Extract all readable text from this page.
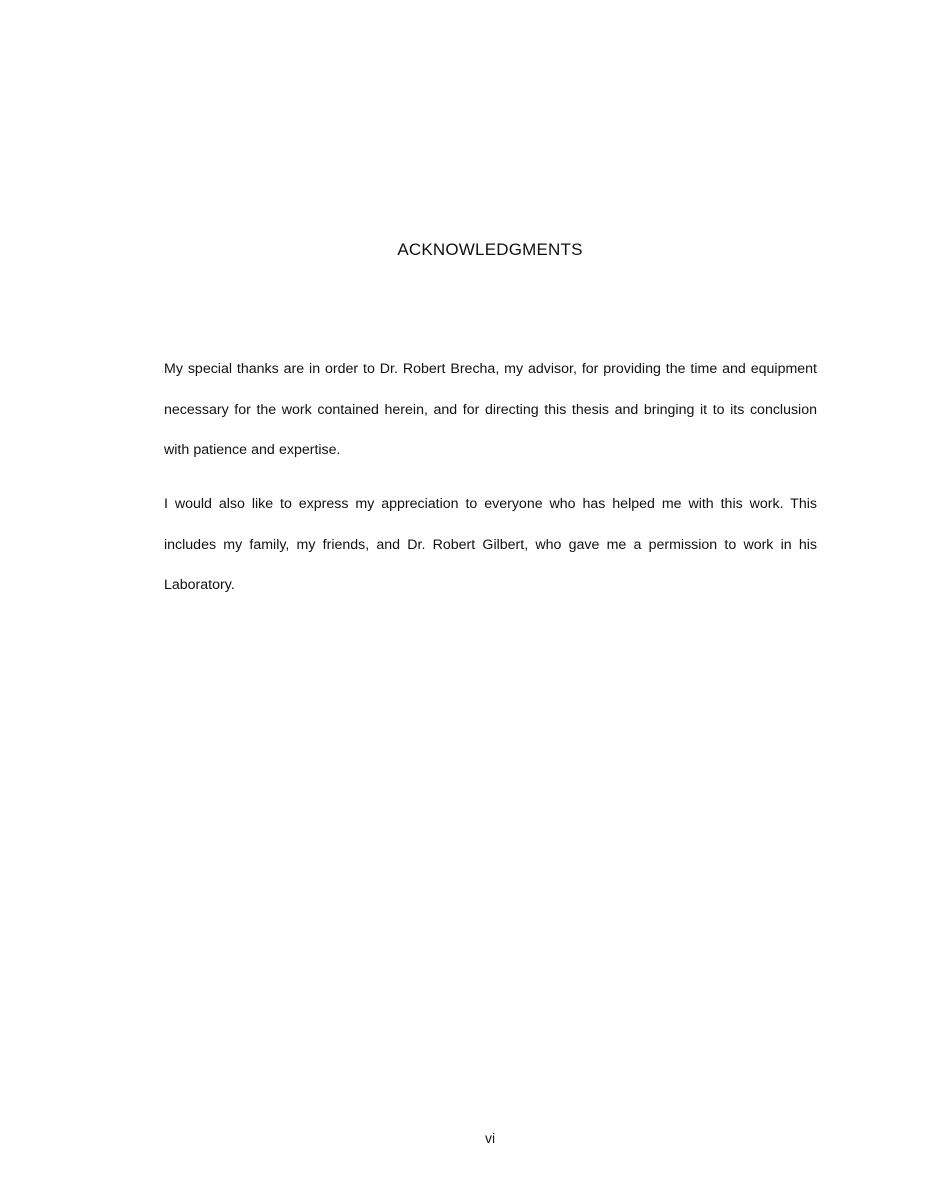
ACKNOWLEDGMENTS
My special thanks are in order to Dr. Robert Brecha, my advisor, for providing the time and equipment necessary for the work contained herein, and for directing this thesis and bringing it to its conclusion with patience and expertise.
I would also like to express my appreciation to everyone who has helped me with this work. This includes my family, my friends, and Dr. Robert Gilbert, who gave me a permission to work in his Laboratory.
vi
